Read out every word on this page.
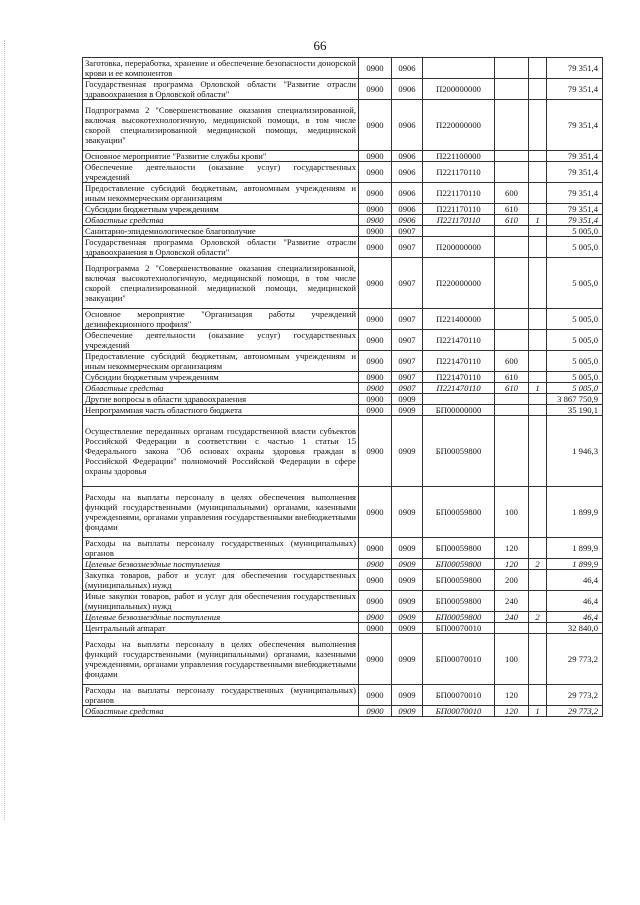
66
Заготовка, переработка, хранение и обеспечение безопасности донорской крови и ее компонентов	0900	0906				79 351,4
Государственная программа Орловской области "Развитие отрасли здравоохранения в Орловской области"	0900	0906	П200000000			79 351,4
Подпрограмма 2 "Совершенствование оказания специализированной, включая высокотехнологичную, медицинской помощи, в том числе скорой специализированной медицинской помощи, медицинской эвакуации"	0900	0906	П220000000			79 351,4
Основное мероприятие "Развитие службы крови"	0900	0906	П221100000			79 351,4
Обеспечение деятельности (оказание услуг) государственных учреждений	0900	0906	П221170110			79 351,4
Предоставление субсидий бюджетным, автономным учреждениям и иным некоммерческим организациям	0900	0906	П221170110	600		79 351,4
Субсидии бюджетным учреждениям	0900	0906	П221170110	610		79 351,4
Областные средства	0900	0906	П221170110	610	1	79 351,4
Санитарно-эпидемиологическое благополучие	0900	0907				5 005,0
Государственная программа Орловской области "Развитие отрасли здравоохранения в Орловской области"	0900	0907	П200000000			5 005,0
Подпрограмма 2 "Совершенствование оказания специализированной, включая высокотехнологичную, медицинской помощи, в том числе скорой специализированной медицинской помощи, медицинской эвакуации"	0900	0907	П220000000			5 005,0
Основное мероприятие "Организация работы учреждений дезинфекционного профиля"	0900	0907	П221400000			5 005,0
Обеспечение деятельности (оказание услуг) государственных учреждений	0900	0907	П221470110			5 005,0
Предоставление субсидий бюджетным, автономным учреждениям и иным некоммерческим организациям	0900	0907	П221470110	600		5 005,0
Субсидии бюджетным учреждениям	0900	0907	П221470110	610		5 005,0
Областные средства	0900	0907	П221470110	610	1	5 005,0
Другие вопросы в области здравоохранения	0900	0909				3 867 750,9
Непрограммная часть областного бюджета	0900	0909	БП00000000			35 190,1
Осуществление переданных органам государственной власти субъектов Российской Федерации в соответствии с частью 1 статьи 15 Федерального закона "Об основах охраны здоровья граждан в Российской Федерации" полномочий Российской Федерации в сфере охраны здоровья	0900	0909	БП00059800			1 946,3
Расходы на выплаты персоналу в целях обеспечения выполнения функций государственными (муниципальными) органами, казенными учреждениями, органами управления государственными внебюджетными фондами	0900	0909	БП00059800	100		1 899,9
Расходы на выплаты персоналу государственных (муниципальных) органов	0900	0909	БП00059800	120		1 899,9
Целевые безвозмездные поступления	0900	0909	БП00059800	120	2	1 899,9
Закупка товаров, работ и услуг для обеспечения государственных (муниципальных) нужд	0900	0909	БП00059800	200		46,4
Иные закупки товаров, работ и услуг для обеспечения государственных (муниципальных) нужд	0900	0909	БП00059800	240		46,4
Целевые безвозмездные поступления	0900	0909	БП00059800	240	2	46,4
Центральный аппарат	0900	0909	БП00070010			32 840,0
Расходы на выплаты персоналу в целях обеспечения выполнения функций государственными (муниципальными) органами, казенными учреждениями, органами управления государственными внебюджетными фондами	0900	0909	БП00070010	100		29 773,2
Расходы на выплаты персоналу государственных (муниципальных) органов	0900	0909	БП00070010	120		29 773,2
Областные средства	0900	0909	БП00070010	120	1	29 773,2
